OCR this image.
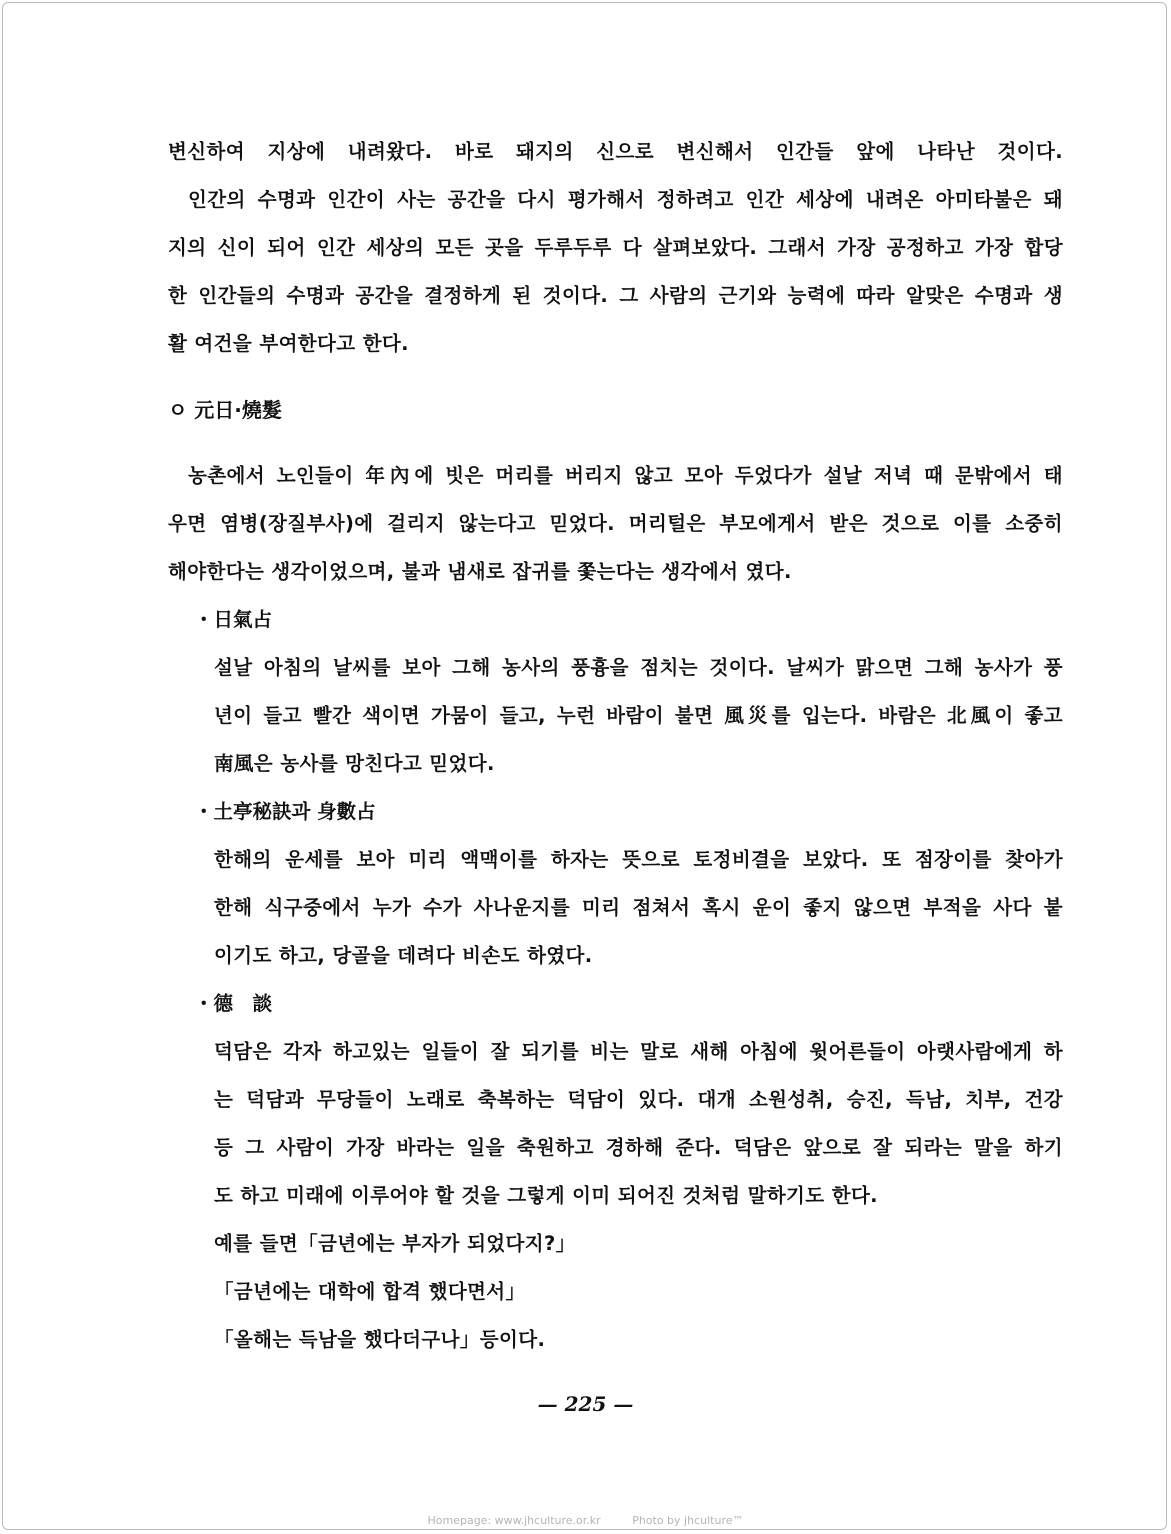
변신하여 지상에 내려왔다. 바로 돼지의 신으로 변신해서 인간들 앞에 나타난 것이다.
인간의 수명과 인간이 사는 공간을 다시 평가해서 정하려고 인간 세상에 내려온 아미타불은 돼
지의 신이 되어 인간 세상의 모든 곳을 두루두루 다 살펴보았다. 그래서 가장 공정하고 가장 합당
한 인간들의 수명과 공간을 결정하게 된 것이다. 그 사람의 근기와 능력에 따라 알맞은 수명과 생
활 여건을 부여한다고 한다.
ㅇ 元日·燒髮
농촌에서 노인들이 年內에 빗은 머리를 버리지 않고 모아 두었다가 설날 저녁 때 문밖에서 태
우면 염병(장질부사)에 걸리지 않는다고 믿었다. 머리털은 부모에게서 받은 것으로 이를 소중히
해야한다는 생각이었으며, 불과 냄새로 잡귀를 쫓는다는 생각에서 였다.
・日氣占
설날 아침의 날씨를 보아 그해 농사의 풍흉을 점치는 것이다. 날씨가 맑으면 그해 농사가 풍
년이 들고 빨간 색이면 가뭄이 들고, 누런 바람이 불면 風災를 입는다. 바람은 北風이 좋고
南風은 농사를 망친다고 믿었다.
・土亭秘訣과 身數占
한해의 운세를 보아 미리 액맥이를 하자는 뜻으로 토정비결을 보았다. 또 점장이를 찾아가
한해 식구중에서 누가 수가 사나운지를 미리 점쳐서 혹시 운이 좋지 않으면 부적을 사다 붙
이기도 하고, 당골을 데려다 비손도 하였다.
・德　談
덕담은 각자 하고있는 일들이 잘 되기를 비는 말로 새해 아침에 윗어른들이 아랫사람에게 하
는 덕담과 무당들이 노래로 축복하는 덕담이 있다. 대개 소원성취, 승진, 득남, 치부, 건강
등 그 사람이 가장 바라는 일을 축원하고 경하해 준다. 덕담은 앞으로 잘 되라는 말을 하기
도 하고 미래에 이루어야 할 것을 그렇게 이미 되어진 것처럼 말하기도 한다.
예를 들면「금년에는 부자가 되었다지?」
「금년에는 대학에 합격 했다면서」
「올해는 득남을 했다더구나」등이다.
— 225 —
Homepage: www.jhculture.or.kr	Photo by jhculture™
